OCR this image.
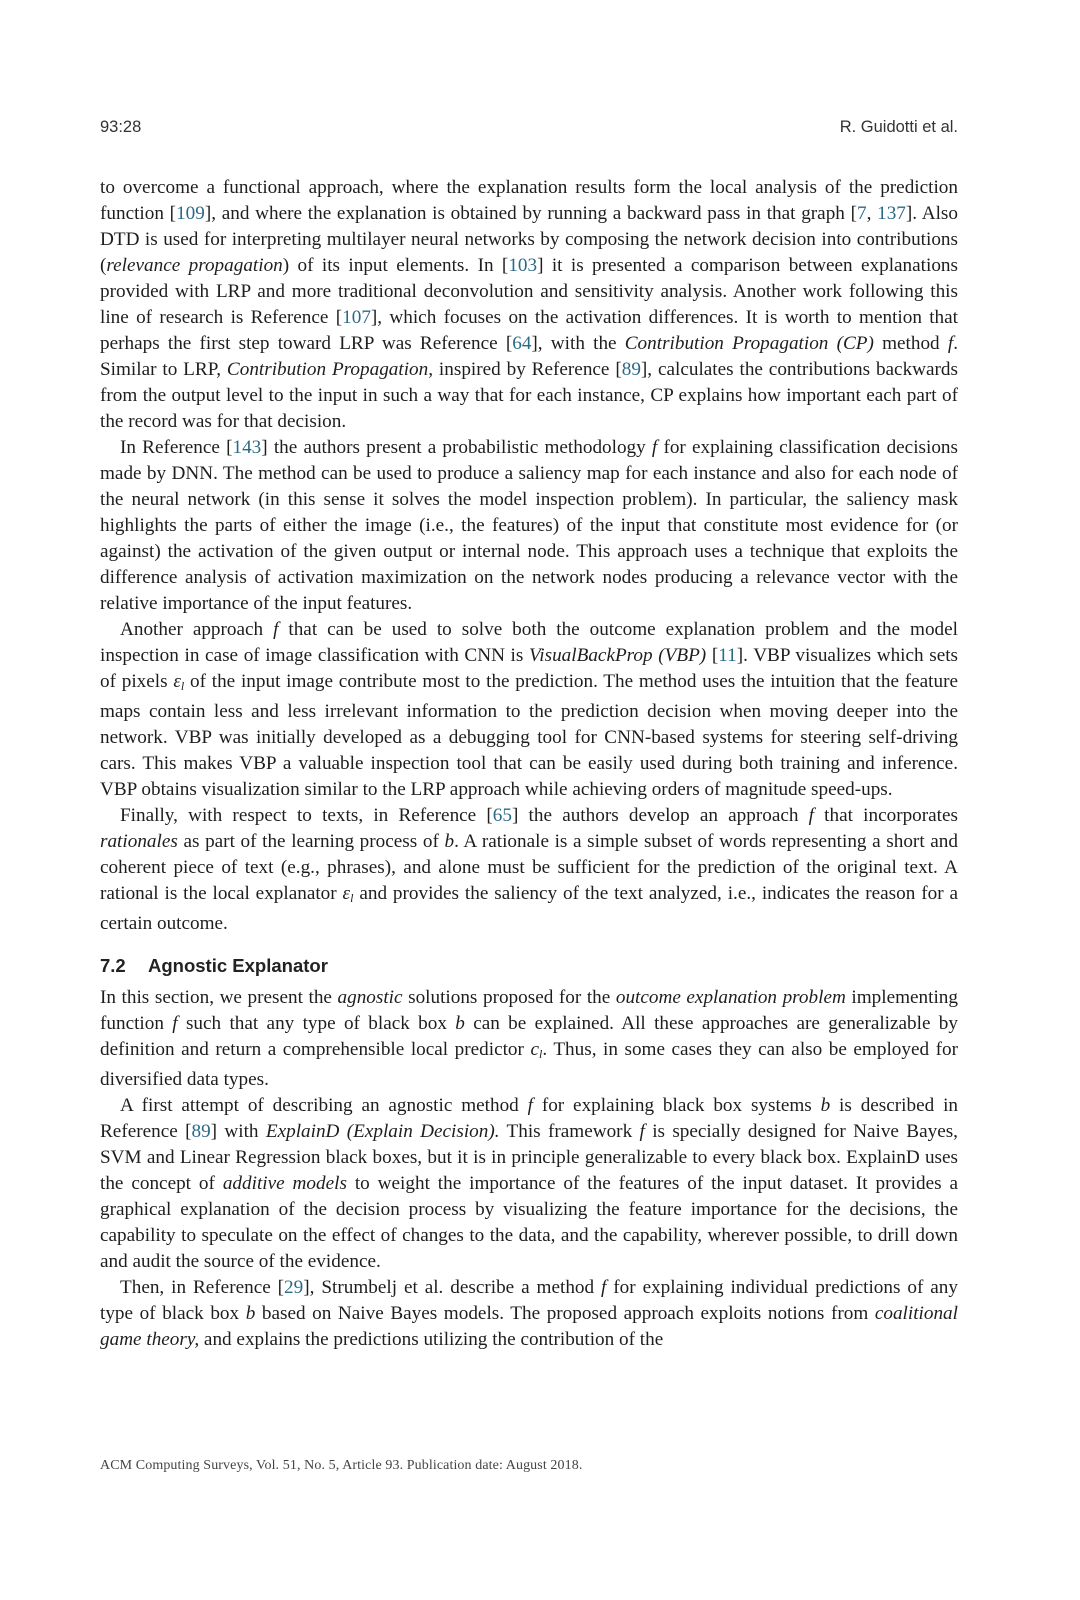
93:28	R. Guidotti et al.

to overcome a functional approach, where the explanation results form the local analysis of the prediction function [109], and where the explanation is obtained by running a backward pass in that graph [7, 137]. Also DTD is used for interpreting multilayer neural networks by composing the network decision into contributions (relevance propagation) of its input elements. In [103] it is presented a comparison between explanations provided with LRP and more traditional deconvolution and sensitivity analysis. Another work following this line of research is Reference [107], which focuses on the activation differences. It is worth to mention that perhaps the first step toward LRP was Reference [64], with the Contribution Propagation (CP) method f. Similar to LRP, Contribution Propagation, inspired by Reference [89], calculates the contributions backwards from the output level to the input in such a way that for each instance, CP explains how important each part of the record was for that decision.

In Reference [143] the authors present a probabilistic methodology f for explaining classification decisions made by DNN. The method can be used to produce a saliency map for each instance and also for each node of the neural network (in this sense it solves the model inspection problem). In particular, the saliency mask highlights the parts of either the image (i.e., the features) of the input that constitute most evidence for (or against) the activation of the given output or internal node. This approach uses a technique that exploits the difference analysis of activation maximization on the network nodes producing a relevance vector with the relative importance of the input features.

Another approach f that can be used to solve both the outcome explanation problem and the model inspection in case of image classification with CNN is VisualBackProp (VBP) [11]. VBP visualizes which sets of pixels $\varepsilon_l$ of the input image contribute most to the prediction. The method uses the intuition that the feature maps contain less and less irrelevant information to the prediction decision when moving deeper into the network. VBP was initially developed as a debugging tool for CNN-based systems for steering self-driving cars. This makes VBP a valuable inspection tool that can be easily used during both training and inference. VBP obtains visualization similar to the LRP approach while achieving orders of magnitude speed-ups.

Finally, with respect to texts, in Reference [65] the authors develop an approach f that incorporates rationales as part of the learning process of b. A rationale is a simple subset of words representing a short and coherent piece of text (e.g., phrases), and alone must be sufficient for the prediction of the original text. A rational is the local explanator $\varepsilon_l$ and provides the saliency of the text analyzed, i.e., indicates the reason for a certain outcome.

7.2 Agnostic Explanator

In this section, we present the agnostic solutions proposed for the outcome explanation problem implementing function f such that any type of black box b can be explained. All these approaches are generalizable by definition and return a comprehensible local predictor $c_l$. Thus, in some cases they can also be employed for diversified data types.

A first attempt of describing an agnostic method f for explaining black box systems b is described in Reference [89] with ExplainD (Explain Decision). This framework f is specially designed for Naive Bayes, SVM and Linear Regression black boxes, but it is in principle generalizable to every black box. ExplainD uses the concept of additive models to weight the importance of the features of the input dataset. It provides a graphical explanation of the decision process by visualizing the feature importance for the decisions, the capability to speculate on the effect of changes to the data, and the capability, wherever possible, to drill down and audit the source of the evidence.

Then, in Reference [29], Strumbelj et al. describe a method f for explaining individual predictions of any type of black box b based on Naive Bayes models. The proposed approach exploits notions from coalitional game theory, and explains the predictions utilizing the contribution of the

ACM Computing Surveys, Vol. 51, No. 5, Article 93. Publication date: August 2018.
